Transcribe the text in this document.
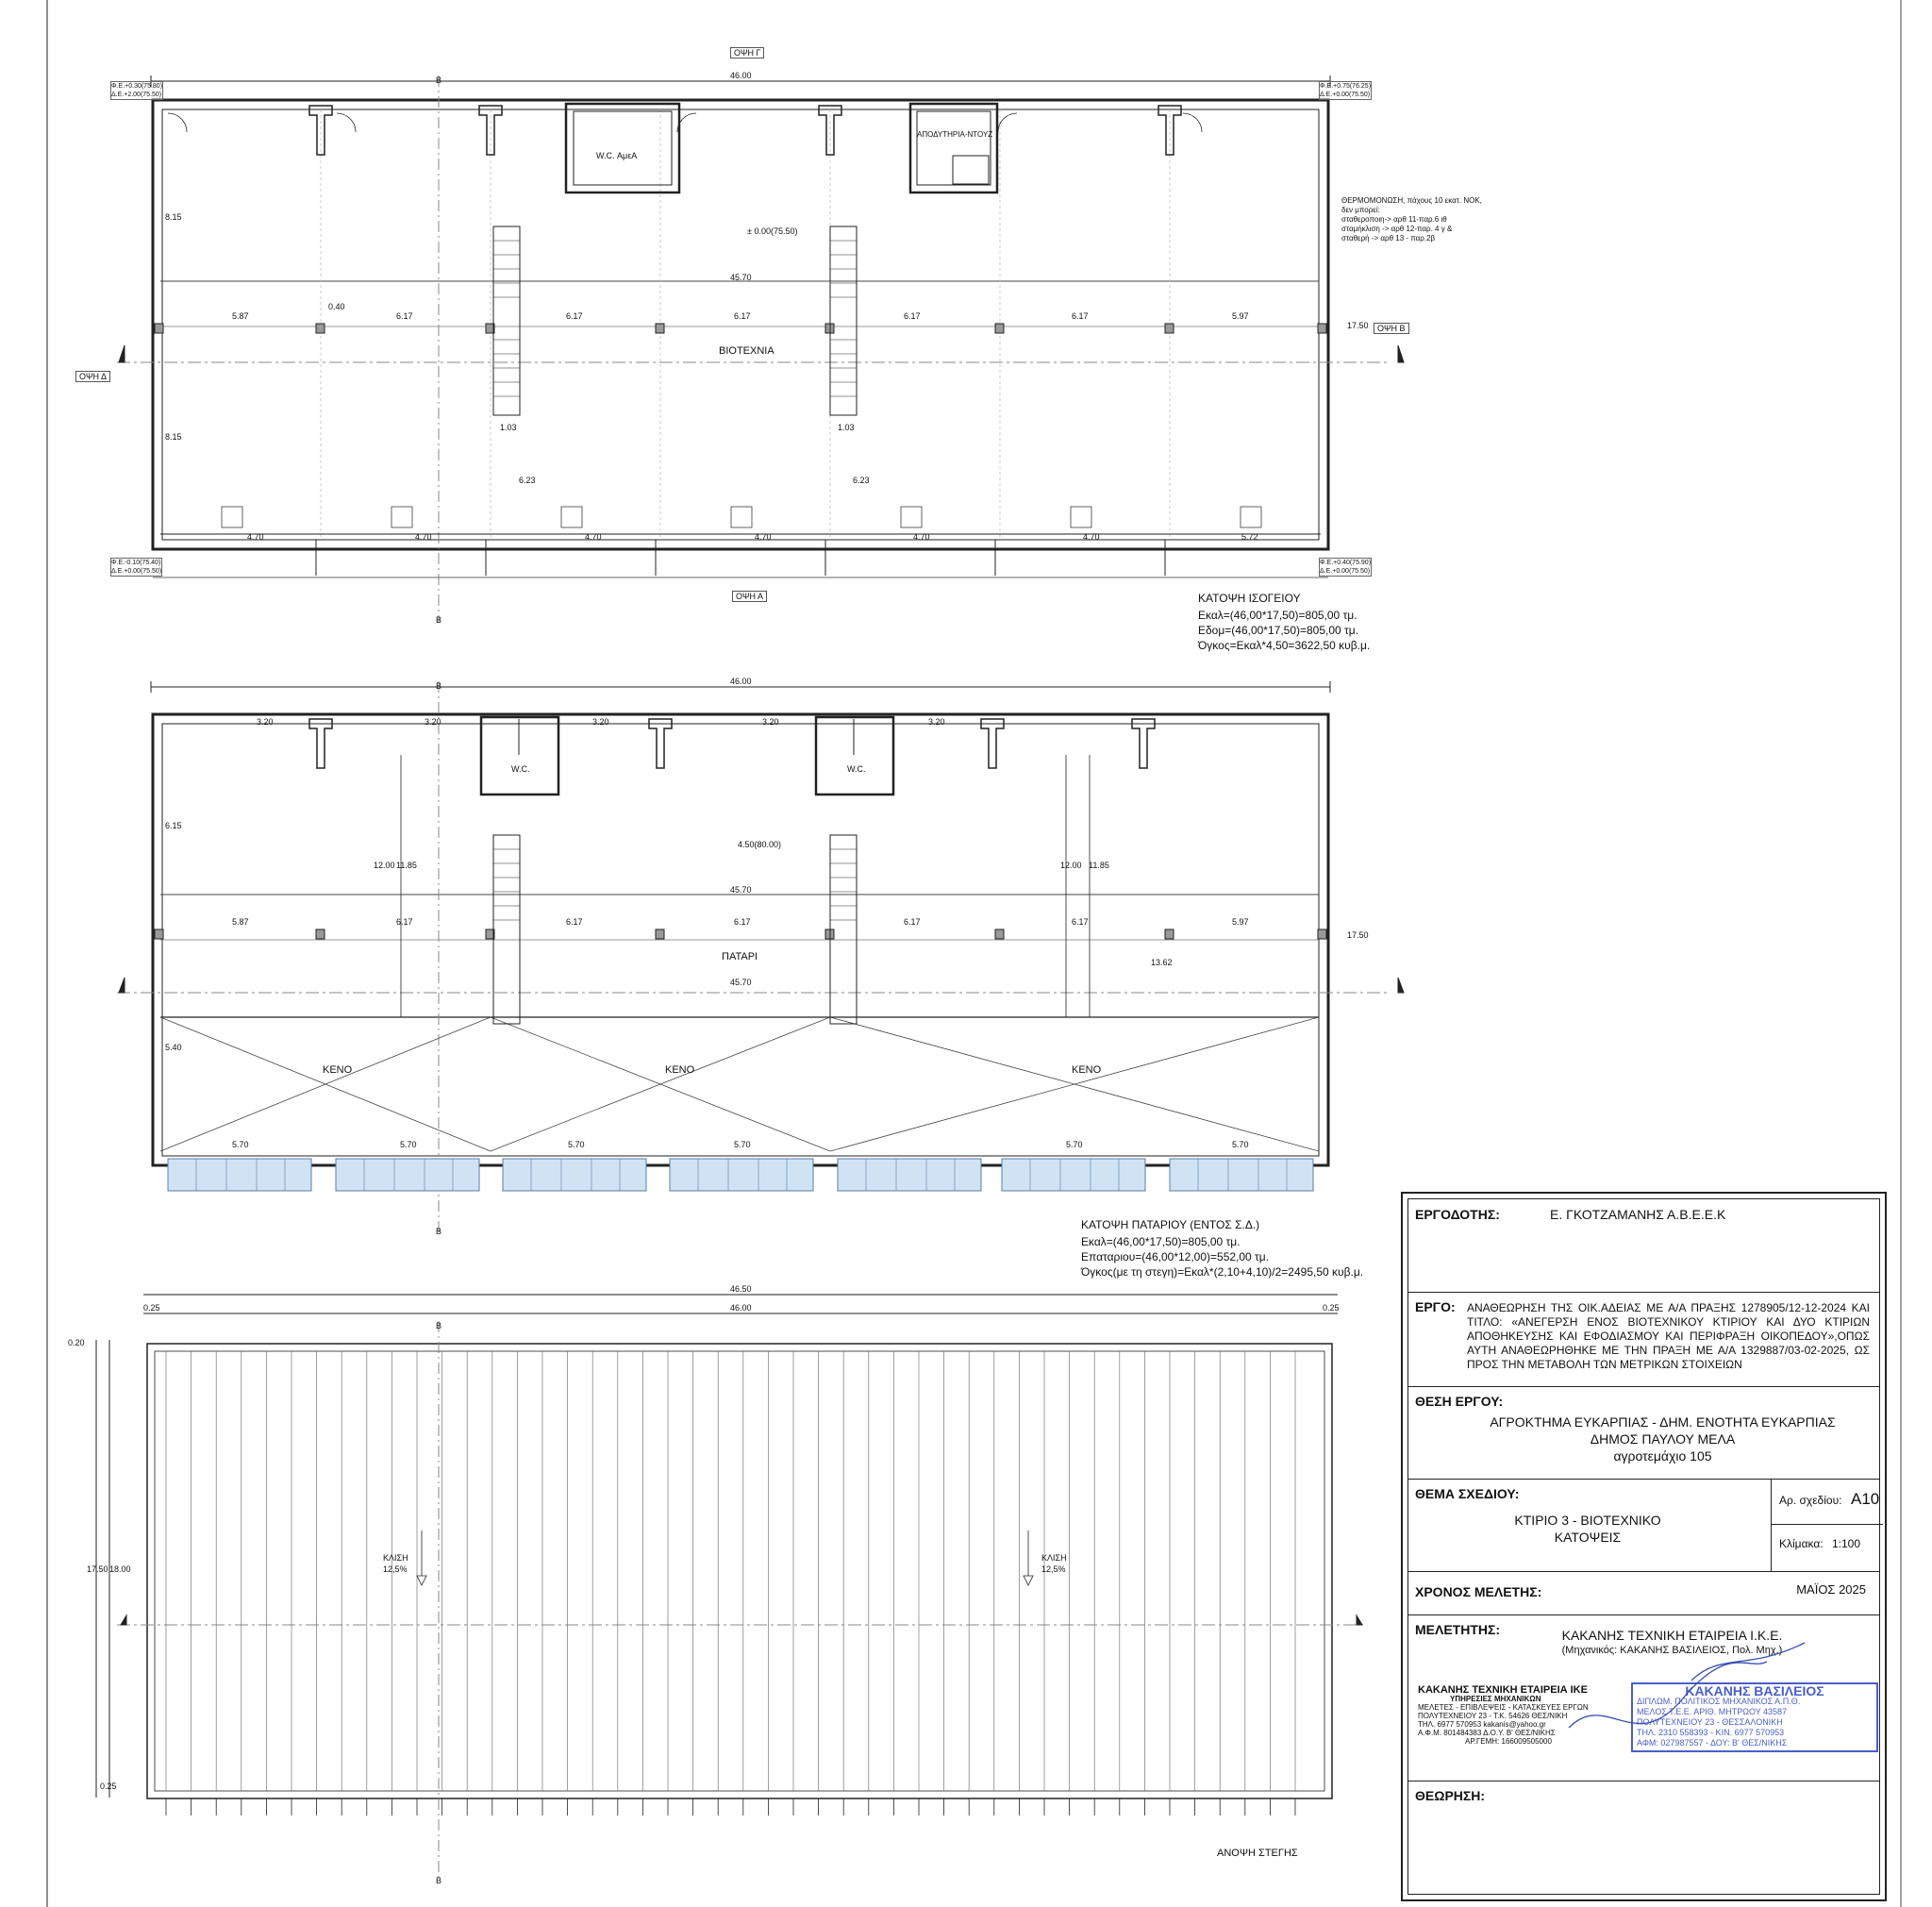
ΟΨΗ Γ
ΟΨΗ Β
ΟΨΗ Δ
ΟΨΗ Α
46.00
45.70
17.50
8.15
8.15
ΒΙΟΤΕΧΝΙΑ
W.C. ΑμεΑ
ΑΠΟΔΥΤΗΡΙΑ-ΝΤΟΥΖ
± 0.00(75.50)
5.87	6.17	6.17	6.17	6.17	6.17	5.97
0.40
4.70	4.70	4.70	4.70	4.70	4.70	5.72
1.03	1.03
6.23	6.23
ΘΕΡΜΟΜΟΝΩΣΗ, πάχους 10 εκατ. ΝΟΚ,
δεν μπορεί:
σταθεροποιη-> αρθ 11-παρ.6 ιθ
σταμήκλιση -> αρθ 12-παρ. 4 γ &
σταθερή -> αρθ 13 - παρ.2β
Φ.Ε.+0.30(75.80)
Δ.Ε.+2.00(75.50)
Φ.Ε.+0.75(76.25)
Δ.Ε.+0.00(75.50)
Φ.Ε.-0.10(75.40)
Δ.Ε.+0.00(75.50)
Φ.Ε.+0.40(75.90)
Δ.Ε.+0.00(75.50)
ΚΑΤΟΨΗ ΙΣΟΓΕΙΟΥ
Εκαλ=(46,00*17,50)=805,00 τμ.
Εδομ=(46,00*17,50)=805,00 τμ.
Όγκος=Εκαλ*4,50=3622,50 κυβ.μ.
B
B
46.00
45.70
45.70
17.50
12.00 11.85	12.00 11.85
5.40
6.15
13.62
ΠΑΤΑΡΙ
ΚΕΝΟ	ΚΕΝΟ	ΚΕΝΟ
W.C.	W.C.
4.50(80.00)
5.87	6.17	6.17	6.17	6.17	6.17	5.97
5.70	5.70	5.70	5.70	5.70	5.70
3.20	3.20	3.20	3.20	3.20
ΚΑΤΟΨΗ ΠΑΤΑΡΙΟΥ (ΕΝΤΟΣ Σ.Δ.)
Εκαλ=(46,00*17,50)=805,00 τμ.
Επαταριου=(46,00*12,00)=552,00 τμ.
Όγκος(με τη στεγη)=Εκαλ*(2,10+4,10)/2=2495,50 κυβ.μ.
B
B
46.50
46.00
0.25	0.25
0.20
17.50 18.00
0.25
ΚΛΙΣΗ
12,5%
ΚΛΙΣΗ
12,5%
ΑΝΟΨΗ ΣΤΕΓΗΣ
B
B
ΕΡΓΟΔΟΤΗΣ:	Ε. ΓΚΟΤΖΑΜΑΝΗΣ Α.Β.Ε.Ε.Κ
ΕΡΓΟ: ΑΝΑΘΕΩΡΗΣΗ ΤΗΣ ΟΙΚ.ΑΔΕΙΑΣ ΜΕ Α/Α ΠΡΑΞΗΣ 1278905/12-12-2024 ΚΑΙ ΤΙΤΛΟ: «ΑΝΕΓΕΡΣΗ ΕΝΟΣ ΒΙΟΤΕΧΝΙΚΟΥ ΚΤΙΡΙΟΥ ΚΑΙ ΔΥΟ ΚΤΙΡΙΩΝ ΑΠΟΘΗΚΕΥΣΗΣ ΚΑΙ ΕΦΟΔΙΑΣΜΟΥ ΚΑΙ ΠΕΡΙΦΡΑΞΗ ΟΙΚΟΠΕΔΟΥ»,ΟΠΩΣ ΑΥΤΗ ΑΝΑΘΕΩΡΗΘΗΚΕ ΜΕ ΤΗΝ ΠΡΑΞΗ ΜΕ Α/Α 1329887/03-02-2025, ΩΣ ΠΡΟΣ ΤΗΝ ΜΕΤΑΒΟΛΗ ΤΩΝ ΜΕΤΡΙΚΩΝ ΣΤΟΙΧΕΙΩΝ
ΘΕΣΗ ΕΡΓΟΥ:
ΑΓΡΟΚΤΗΜΑ ΕΥΚΑΡΠΙΑΣ - ΔΗΜ. ΕΝΟΤΗΤΑ ΕΥΚΑΡΠΙΑΣ
ΔΗΜΟΣ ΠΑΥΛΟΥ ΜΕΛΑ
αγροτεμάχιο 105
ΘΕΜΑ ΣΧΕΔΙΟΥ:
ΚΤΙΡΙΟ 3 - ΒΙΟΤΕΧΝΙΚΟ
ΚΑΤΟΨΕΙΣ
Αρ. σχεδίου: Α10
Κλίμακα: 1:100
ΧΡΟΝΟΣ ΜΕΛΕΤΗΣ:	ΜΑΪΟΣ 2025
ΜΕΛΕΤΗΤΗΣ:	ΚΑΚΑΝΗΣ ΤΕΧΝΙΚΗ ΕΤΑΙΡΕΙΑ Ι.Κ.Ε.
(Μηχανικός: ΚΑΚΑΝΗΣ ΒΑΣΙΛΕΙΟΣ, Πολ. Μηχ.)
ΚΑΚΑΝΗΣ ΤΕΧΝΙΚΗ ΕΤΑΙΡΕΙΑ ΙΚΕ
ΥΠΗΡΕΣΙΕΣ ΜΗΧΑΝΙΚΩΝ
ΜΕΛΕΤΕΣ - ΕΠΙΒΛΕΨΕΙΣ - ΚΑΤΑΣΚΕΥΕΣ ΕΡΓΩΝ
ΠΟΛΥΤΕΧΝΕΙΟΥ 23 - Τ.Κ. 54626 ΘΕΣ/ΝΙΚΗ
ΤΗΛ. 6977 570953 kakanis@yahoo.gr
Α.Φ.Μ. 801484383 Δ.Ο.Υ. Β' ΘΕΣ/ΝΙΚΗΣ
ΑΡ.ΓΕΜΗ: 166009505000
ΚΑΚΑΝΗΣ ΒΑΣΙΛΕΙΟΣ
ΔΙΠΛΩΜ. ΠΟΛΙΤΙΚΟΣ ΜΗΧΑΝΙΚΟΣ Α.Π.Θ.
ΜΕΛΟΣ Τ.Ε.Ε. ΑΡΙΘ. ΜΗΤΡΩΟΥ 43587
ΠΟΛΥΤΕΧΝΕΙΟΥ 23 - ΘΕΣΣΑΛΟΝΙΚΗ
ΤΗΛ. 2310 558393 - ΚΙΝ. 6977 570953
ΑΦΜ: 027987557 - ΔΟΥ: Β' ΘΕΣ/ΝΙΚΗΣ
ΘΕΩΡΗΣΗ:
